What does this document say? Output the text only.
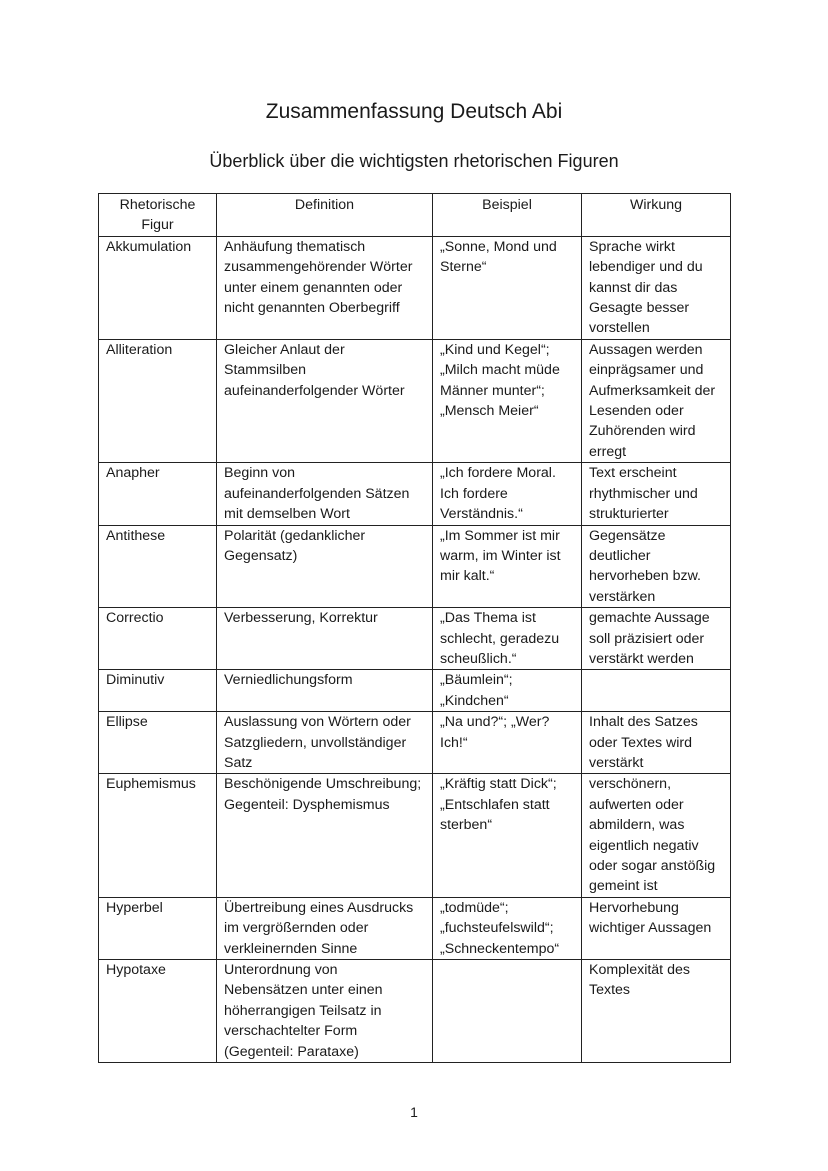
Zusammenfassung Deutsch Abi
Überblick über die wichtigsten rhetorischen Figuren
Rhetorische Figur	Definition	Beispiel	Wirkung
Akkumulation	Anhäufung thematisch zusammengehörender Wörter unter einem genannten oder nicht genannten Oberbegriff	„Sonne, Mond und Sterne“	Sprache wirkt lebendiger und du kannst dir das Gesagte besser vorstellen
Alliteration	Gleicher Anlaut der Stammsilben aufeinanderfolgender Wörter	„Kind und Kegel“; „Milch macht müde Männer munter“; „Mensch Meier“	Aussagen werden einprägsamer und Aufmerksamkeit der Lesenden oder Zuhörenden wird erregt
Anapher	Beginn von aufeinanderfolgenden Sätzen mit demselben Wort	„Ich fordere Moral. Ich fordere Verständnis.“	Text erscheint rhythmischer und strukturierter
Antithese	Polarität (gedanklicher Gegensatz)	„Im Sommer ist mir warm, im Winter ist mir kalt.“	Gegensätze deutlicher hervorheben bzw. verstärken
Correctio	Verbesserung, Korrektur	„Das Thema ist schlecht, geradezu scheußlich.“	gemachte Aussage soll präzisiert oder verstärkt werden
Diminutiv	Verniedlichungsform	„Bäumlein“; „Kindchen“	
Ellipse	Auslassung von Wörtern oder Satzgliedern, unvollständiger Satz	„Na und?“; „Wer? Ich!“	Inhalt des Satzes oder Textes wird verstärkt
Euphemismus	Beschönigende Umschreibung; Gegenteil: Dysphemismus	„Kräftig statt Dick“; „Entschlafen statt sterben“	verschönern, aufwerten oder abmildern, was eigentlich negativ oder sogar anstößig gemeint ist
Hyperbel	Übertreibung eines Ausdrucks im vergrößernden oder verkleinernden Sinne	„todmüde“; „fuchsteufelswild“; „Schneckentempo“	Hervorhebung wichtiger Aussagen
Hypotaxe	Unterordnung von Nebensätzen unter einen höherrangigen Teilsatz in verschachtelter Form (Gegenteil: Parataxe)		Komplexität des Textes
1
